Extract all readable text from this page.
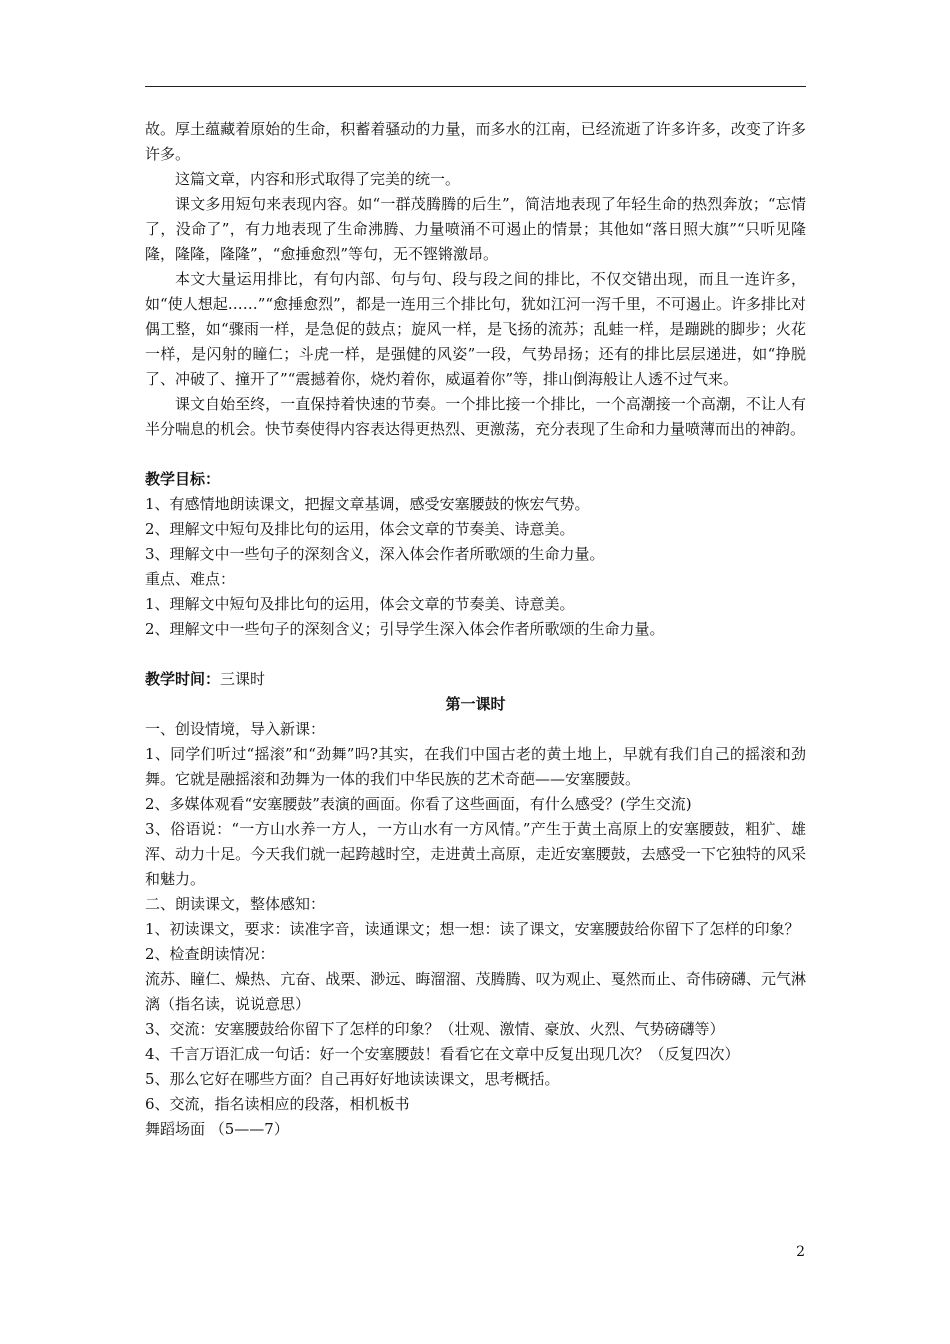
故。厚土蕴藏着原始的生命，积蓄着骚动的力量，而多水的江南，已经流逝了许多许多，改变了许多许多。

这篇文章，内容和形式取得了完美的统一。

课文多用短句来表现内容。如“一群茂腾腾的后生”，简洁地表现了年轻生命的热烈奔放；“忘情了，没命了”，有力地表现了生命沸腾、力量喷涌不可遏止的情景；其他如“落日照大旗”“只听见隆隆，隆隆，隆隆”，“愈捶愈烈”等句，无不铿锵激昂。

本文大量运用排比，有句内部、句与句、段与段之间的排比，不仅交错出现，而且一连许多，如“使人想起……”“愈捶愈烈”，都是一连用三个排比句，犹如江河一泻千里，不可遏止。许多排比对偶工整，如“骤雨一样，是急促的鼓点；旋风一样，是飞扬的流苏；乱蛙一样，是蹦跳的脚步；火花一样，是闪射的瞳仁；斗虎一样，是强健的风姿”一段，气势昂扬；还有的排比层层递进，如“挣脱了、冲破了、撞开了”“震撼着你，烧灼着你，威逼着你”等，排山倒海般让人透不过气来。

课文自始至终，一直保持着快速的节奏。一个排比接一个排比，一个高潮接一个高潮，不让人有半分喘息的机会。快节奏使得内容表达得更热烈、更激荡，充分表现了生命和力量喷薄而出的神韵。

教学目标：

1、有感情地朗读课文，把握文章基调，感受安塞腰鼓的恢宏气势。

2、理解文中短句及排比句的运用，体会文章的节奏美、诗意美。

3、理解文中一些句子的深刻含义，深入体会作者所歌颂的生命力量。

重点、难点：

1、理解文中短句及排比句的运用，体会文章的节奏美、诗意美。

2、理解文中一些句子的深刻含义；引导学生深入体会作者所歌颂的生命力量。

教学时间：三课时

第一课时

一、创设情境，导入新课：

1、同学们听过“摇滚”和“劲舞”吗?其实，在我们中国古老的黄土地上，早就有我们自己的摇滚和劲舞。它就是融摇滚和劲舞为一体的我们中华民族的艺术奇葩——安塞腰鼓。

2、多媒体观看“安塞腰鼓”表演的画面。你看了这些画面，有什么感受？(学生交流)

3、俗语说：“一方山水养一方人，一方山水有一方风情。”产生于黄土高原上的安塞腰鼓，粗犷、雄浑、动力十足。今天我们就一起跨越时空，走进黄土高原，走近安塞腰鼓，去感受一下它独特的风采和魅力。

二、朗读课文，整体感知：

1、初读课文，要求：读准字音，读通课文；想一想：读了课文，安塞腰鼓给你留下了怎样的印象？

2、检查朗读情况：

流苏、瞳仁、燥热、亢奋、战栗、渺远、晦溜溜、茂腾腾、叹为观止、戛然而止、奇伟磅礴、元气淋漓（指名读，说说意思）

3、交流：安塞腰鼓给你留下了怎样的印象？（壮观、激情、豪放、火烈、气势磅礴等）

4、千言万语汇成一句话：好一个安塞腰鼓！看看它在文章中反复出现几次？（反复四次）

5、那么它好在哪些方面？自己再好好地读读课文，思考概括。

6、交流，指名读相应的段落，相机板书

舞蹈场面 （5——7）

2
